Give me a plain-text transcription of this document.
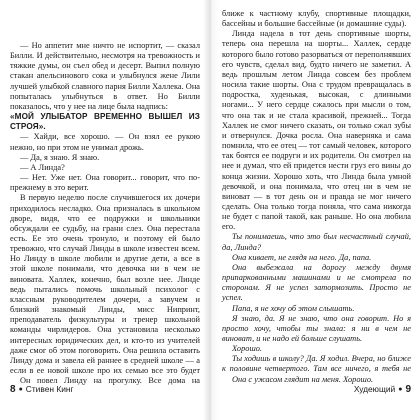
— Но аппетит мне ничто не испортит, — сказал Билли. И действительно, несмотря на тревожность и тяжкие думы, он съел обед и десерт. Выпил полную стакан апельсинового сока и улыбнулся жене Лили лучшей улыбкой славного парня Билли Халлека. Она попыталась улыбнуться в ответ. Но Билли показалось, что у нее на лице была надпись:

«МОЙ УЛЫБАТОР ВРЕМЕННО ВЫШЕЛ ИЗ СТРОЯ».

— Хайди, все хорошо. — Он взял ее рукою нежно, но при этом не унимал дрожь.

— Да, я знаю. Я знаю.

— А Линда?

— Нет. Уже нет. Она говорит... говорит, что по-прежнему в это верит.

В первую неделю после случившегося их дочери приходилось несладко. Она призналась в школьном дворе, видя, что ее подружки и школьники обсуждали ее судьбу, на грани слез. Она перестала есть. Ее это очень тронуло, и поэтому ей было тревожно, что случай Линды в школе известен всем. Но Линду в школе любили и другие дети, а все в этой школе понимали, что девочка ни в чем не виновата. Халлек, конечно, был возле нее. Линде ведь пытались помочь школьный психолог с классным руководителем дочери, а завучем и близкий знакомый Линды, мисс Нипринт, преподаватель физкультуры и тренер школьной команды чирлидеров. Она установила несколько интересных юридических дел, и кто-то из учителей даже смог об этом поговорить. Она решила оставить Линду дома и завела ей раннее в средней школе — а если в ее новой школе про их семью все это будет

Он повел Линду на прогулку. Все дома на

ближе к частному клубу, спортивные площадки, бассейны и большие бассейные (и домашние суды).

Линда надела в тот день спортивные шорты, теперь она перешла на шорты... Халлек, сердце которого было готово разорваться от переполнявших его чувств, сделал вид, будто ничего не заметил. А ведь прошлым летом Линда совсем без проблем носила такие шорты. Она с трудом превращалась в подростка, худенькая, высокая, с длинными ногами... У него сердце сжалось при мысли о том, что она так и не стала красивой, прежней... Тогда Халлек не смог ничего сказать, он только сжал зубы и отвернулся. Дочка росла. Она наверняка и сама помнила, что ее отец — тот самый человек, которого так боятся ее подруги и их родители. Он смотрел на нее и думал, что ей придется нести груз его вины до конца жизни. Хорошо хоть, что Линда была умной девочкой, и она понимала, что отец ни в чем не виноват — в тот день он и правда не мог ничего сделать. Она только тогда поняла, что сама никогда не будет с папой такой, как раньше. Но она любила его.

Ты понимаешь, что это был несчастный случай, да, Линда?

Она кивает, не глядя на него. Да, папа.

Она выбежала на дорогу между двумя припаркованными машинами и не смотрела по сторонам. Я не успел затормозить. Просто не успел.

Папа, я не хочу об этом слышать.

Я знаю, да. Я не знаю, что она говорит. Но я просто хочу, чтобы ты знала: я ни в чем не виноват, и не надо ей больше слушать.

Хорошо.

Ты ходишь в школу? Да. Я ходил. Вчера, но ближе к половине четвертого. Там все ничего, я тебя не

Она с ужасом глядит на меня. Хорошо.

8 ● Стивен Кинг	Худеющий ● 9
